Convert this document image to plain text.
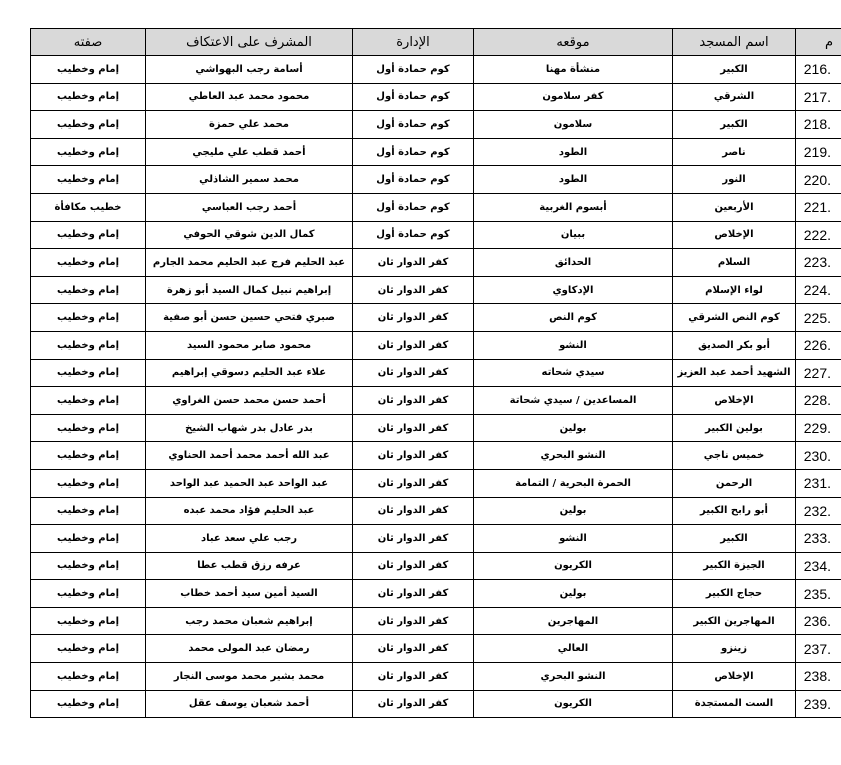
م	اسم المسجد	موقعه	الإدارة	المشرف على الاعتكاف	صفته
216.	الكبير	منشأة مهنا	كوم حمادة أول	أسامة رجب البهواشي	إمام وخطيب
217.	الشرقي	كفر سلامون	كوم حمادة أول	محمود محمد عبد العاطي	إمام وخطيب
218.	الكبير	سلامون	كوم حمادة أول	محمد علي حمزة	إمام وخطيب
219.	ناصر	الطود	كوم حمادة أول	أحمد قطب علي مليجي	إمام وخطيب
220.	النور	الطود	كوم حمادة أول	محمد سمير الشاذلي	إمام وخطيب
221.	الأربعين	أبسوم الغربية	كوم حمادة أول	أحمد رجب العباسي	خطيب مكافأة
222.	الإخلاص	ببيان	كوم حمادة أول	كمال الدين شوقي الحوفي	إمام وخطيب
223.	السلام	الحدائق	كفر الدوار ثان	عبد الحليم فرج عبد الحليم محمد الجارم	إمام وخطيب
224.	لواء الإسلام	الإدكاوي	كفر الدوار ثان	إبراهيم نبيل كمال السيد أبو زهرة	إمام وخطيب
225.	كوم النص الشرقي	كوم النص	كفر الدوار ثان	صبري فتحي حسين حسن أبو صفية	إمام وخطيب
226.	أبو بكر الصديق	النشو	كفر الدوار ثان	محمود صابر محمود السيد	إمام وخطيب
227.	الشهيد أحمد عبد العزيز	سيدي شحاته	كفر الدوار ثان	علاء عبد الحليم دسوقي إبراهيم	إمام وخطيب
228.	الإخلاص	المساعدين / سيدي شحاتة	كفر الدوار ثان	أحمد حسن محمد حسن الغراوي	إمام وخطيب
229.	بولين الكبير	بولين	كفر الدوار ثان	بدر عادل بدر شهاب الشيخ	إمام وخطيب
230.	خميس ناجي	النشو البحري	كفر الدوار ثان	عبد الله أحمد محمد أحمد الحناوي	إمام وخطيب
231.	الرحمن	الحمرة البحرية / التمامة	كفر الدوار ثان	عبد الواحد عبد الحميد عبد الواحد	إمام وخطيب
232.	أبو رابح الكبير	بولين	كفر الدوار ثان	عبد الحليم فؤاد محمد عبده	إمام وخطيب
233.	الكبير	النشو	كفر الدوار ثان	رجب علي سعد عباد	إمام وخطيب
234.	الجيزة الكبير	الكريون	كفر الدوار ثان	عرفه رزق قطب عطا	إمام وخطيب
235.	حجاج الكبير	بولين	كفر الدوار ثان	السيد أمين سيد أحمد خطاب	إمام وخطيب
236.	المهاجرين الكبير	المهاجرين	كفر الدوار ثان	إبراهيم شعبان محمد رجب	إمام وخطيب
237.	زينزو	العالي	كفر الدوار ثان	رمضان عبد المولى محمد	إمام وخطيب
238.	الإخلاص	النشو البحري	كفر الدوار ثان	محمد بشير محمد موسى النجار	إمام وخطيب
239.	الست المستجدة	الكريون	كفر الدوار ثان	أحمد شعبان يوسف عقل	إمام وخطيب
